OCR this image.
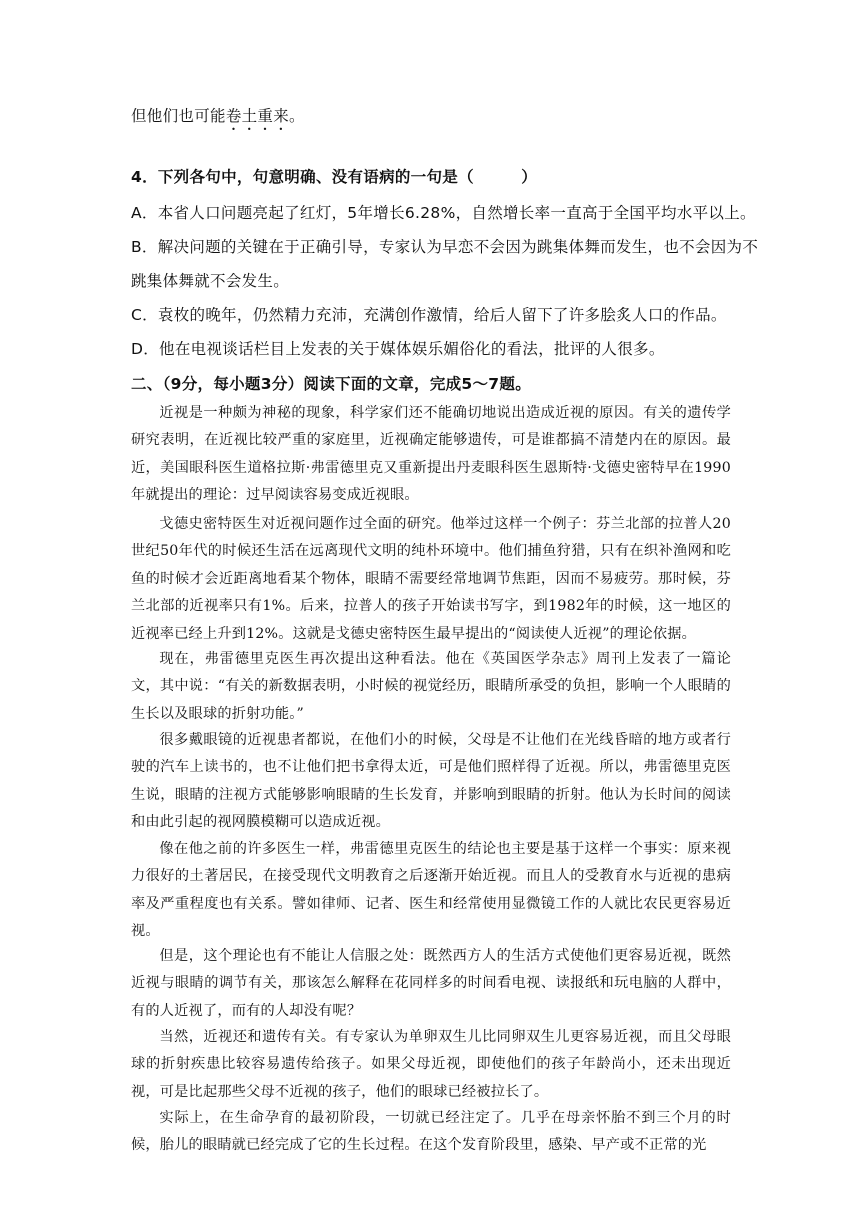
但他们也可能卷土重来。
4．下列各句中，句意明确、没有语病的一句是（　　　）
A．本省人口问题亮起了红灯，5年增长6.28%，自然增长率一直高于全国平均水平以上。
B．解决问题的关键在于正确引导，专家认为早恋不会因为跳集体舞而发生，也不会因为不
跳集体舞就不会发生。
C．袁枚的晚年，仍然精力充沛，充满创作激情，给后人留下了许多脍炙人口的作品。
D．他在电视谈话栏目上发表的关于媒体娱乐媚俗化的看法，批评的人很多。
二、（9分，每小题3分）阅读下面的文章，完成5～7题。
近视是一种颇为神秘的现象，科学家们还不能确切地说出造成近视的原因。有关的遗传学研究表明，在近视比较严重的家庭里，近视确定能够遗传，可是谁都搞不清楚内在的原因。最近，美国眼科医生道格拉斯·弗雷德里克又重新提出丹麦眼科医生恩斯特·戈德史密特早在1990年就提出的理论：过早阅读容易变成近视眼。
戈德史密特医生对近视问题作过全面的研究。他举过这样一个例子：芬兰北部的拉普人20世纪50年代的时候还生活在远离现代文明的纯朴环境中。他们捕鱼狩猎，只有在织补渔网和吃鱼的时候才会近距离地看某个物体，眼睛不需要经常地调节焦距，因而不易疲劳。那时候，芬兰北部的近视率只有1%。后来，拉普人的孩子开始读书写字，到1982年的时候，这一地区的近视率已经上升到12%。这就是戈德史密特医生最早提出的“阅读使人近视”的理论依据。
现在，弗雷德里克医生再次提出这种看法。他在《英国医学杂志》周刊上发表了一篇论文，其中说：“有关的新数据表明，小时候的视觉经历，眼睛所承受的负担，影响一个人眼睛的生长以及眼球的折射功能。”
很多戴眼镜的近视患者都说，在他们小的时候，父母是不让他们在光线昏暗的地方或者行驶的汽车上读书的，也不让他们把书拿得太近，可是他们照样得了近视。所以，弗雷德里克医生说，眼睛的注视方式能够影响眼睛的生长发育，并影响到眼睛的折射。他认为长时间的阅读和由此引起的视网膜模糊可以造成近视。
像在他之前的许多医生一样，弗雷德里克医生的结论也主要是基于这样一个事实：原来视力很好的土著居民，在接受现代文明教育之后逐渐开始近视。而且人的受教育水与近视的患病率及严重程度也有关系。譬如律师、记者、医生和经常使用显微镜工作的人就比农民更容易近视。
但是，这个理论也有不能让人信服之处：既然西方人的生活方式使他们更容易近视，既然近视与眼睛的调节有关，那该怎么解释在花同样多的时间看电视、读报纸和玩电脑的人群中，有的人近视了，而有的人却没有呢？
当然，近视还和遗传有关。有专家认为单卵双生儿比同卵双生儿更容易近视，而且父母眼球的折射疾患比较容易遗传给孩子。如果父母近视，即使他们的孩子年龄尚小，还未出现近视，可是比起那些父母不近视的孩子，他们的眼球已经被拉长了。
实际上，在生命孕育的最初阶段，一切就已经注定了。几乎在母亲怀胎不到三个月的时候，胎儿的眼睛就已经完成了它的生长过程。在这个发育阶段里，感染、早产或不正常的光
